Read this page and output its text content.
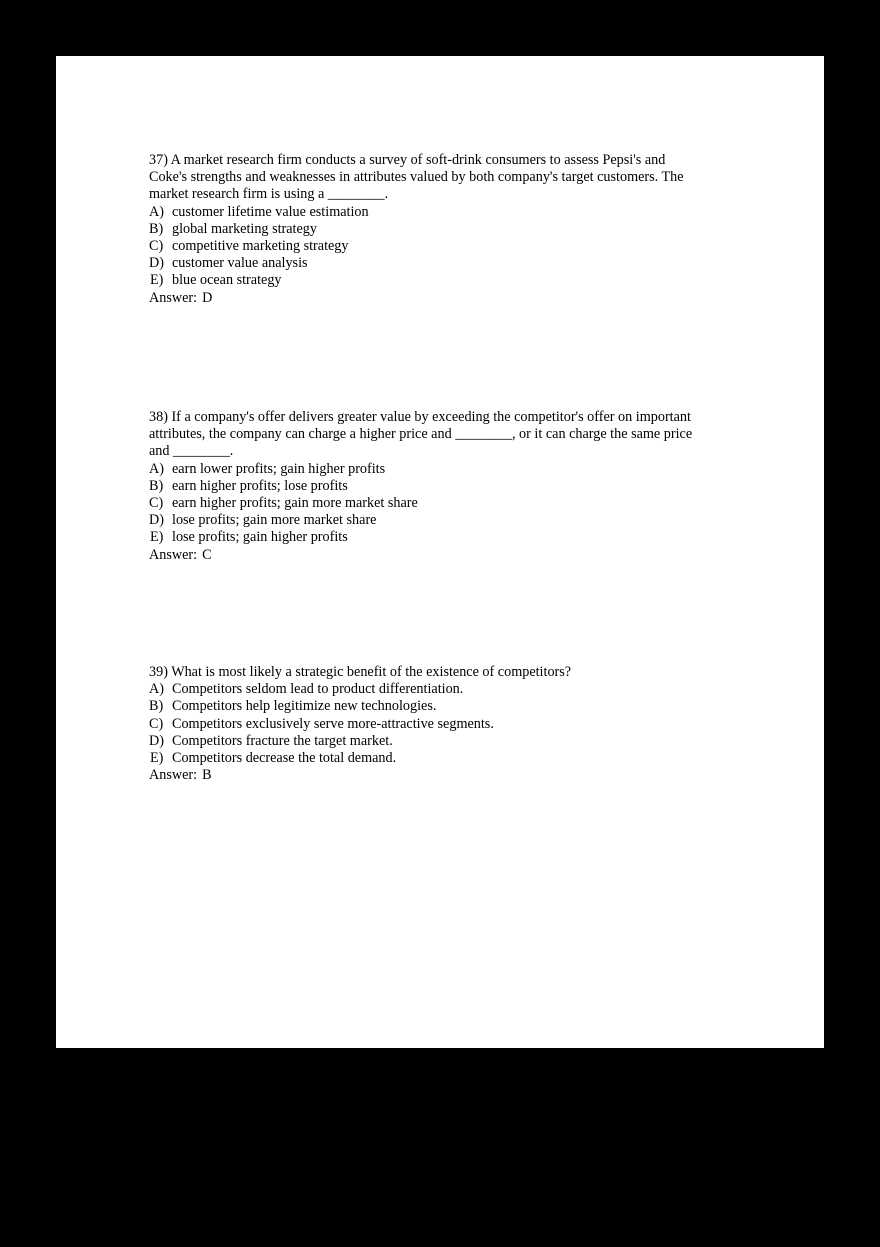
37) A market research firm conducts a survey of soft-drink consumers to assess Pepsi's and
Coke's strengths and weaknesses in attributes valued by both company's target customers. The
market research firm is using a ________.

A) customer lifetime value estimation

B) global marketing strategy

C) competitive marketing strategy

D) customer value analysis

E) blue ocean strategy

Answer: D

38) If a company's offer delivers greater value by exceeding the competitor's offer on important
attributes, the company can charge a higher price and ________, or it can charge the same price
and ________.

A) earn lower profits; gain higher profits

B) earn higher profits; lose profits

C) earn higher profits; gain more market share

D) lose profits; gain more market share

E) lose profits; gain higher profits

Answer: C

39) What is most likely a strategic benefit of the existence of competitors?

A) Competitors seldom lead to product differentiation.

B) Competitors help legitimize new technologies.

C) Competitors exclusively serve more-attractive segments.

D) Competitors fracture the target market.

E) Competitors decrease the total demand.

Answer: B
